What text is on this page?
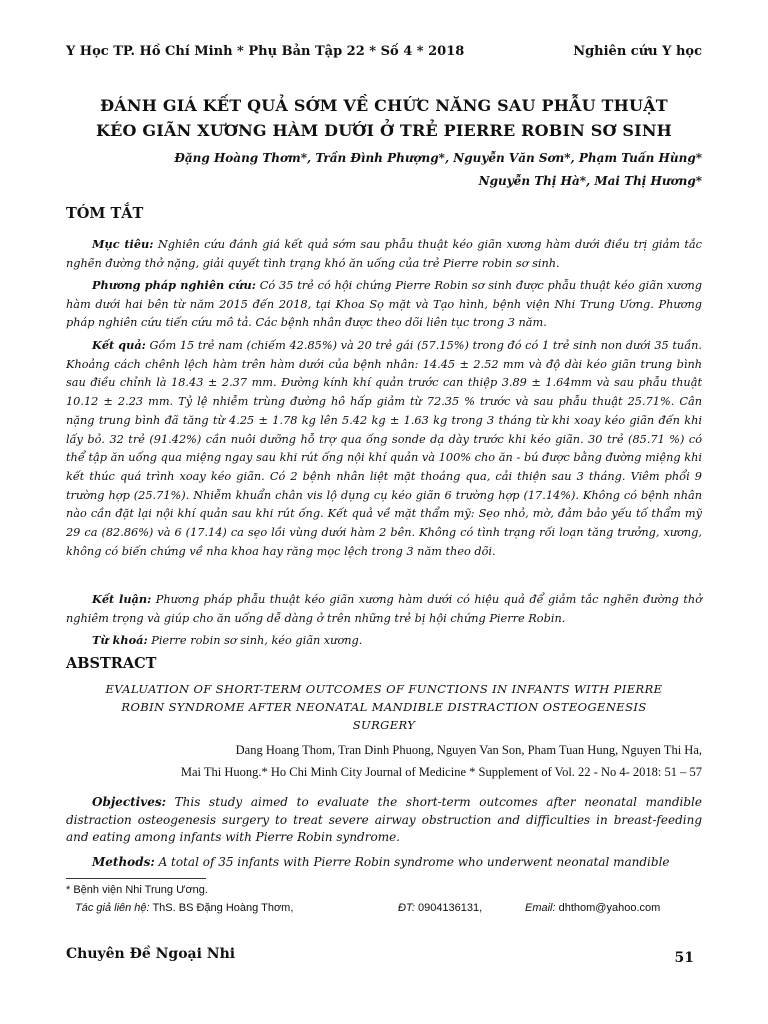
Y Học TP. Hồ Chí Minh * Phụ Bản Tập 22 * Số 4 * 2018	Nghiên cứu Y học
ĐÁNH GIÁ KẾT QUẢ SỚM VỀ CHỨC NĂNG SAU PHẪU THUẬT
KÉO GIÃN XƯƠNG HÀM DƯỚI Ở TRẺ PIERRE ROBIN SƠ SINH
Đặng Hoàng Thơm*, Trần Đình Phượng*, Nguyễn Văn Sơn*, Phạm Tuấn Hùng*
Nguyễn Thị Hà*, Mai Thị Hương*
TÓM TẮT
Mục tiêu: Nghiên cứu đánh giá kết quả sớm sau phẫu thuật kéo giãn xương hàm dưới điều trị giảm tắc nghẽn đường thở nặng, giải quyết tình trạng khó ăn uống của trẻ Pierre robin sơ sinh.
Phương pháp nghiên cứu: Có 35 trẻ có hội chứng Pierre Robin sơ sinh được phẫu thuật kéo giãn xương hàm dưới hai bên từ năm 2015 đến 2018, tại Khoa Sọ mặt và Tạo hình, bệnh viện Nhi Trung Ương. Phương pháp nghiên cứu tiến cứu mô tả. Các bệnh nhân được theo dõi liên tục trong 3 năm.
Kết quả: Gồm 15 trẻ nam (chiếm 42.85%) và 20 trẻ gái (57.15%) trong đó có 1 trẻ sinh non dưới 35 tuần. Khoảng cách chênh lệch hàm trên hàm dưới của bệnh nhân: 14.45 ± 2.52 mm và độ dài kéo giãn trung bình sau điều chỉnh là 18.43 ± 2.37 mm. Đường kính khí quản trước can thiệp 3.89 ± 1.64mm và sau phẫu thuật 10.12 ± 2.23 mm. Tỷ lệ nhiễm trùng đường hô hấp giảm từ 72.35 % trước và sau phẫu thuật 25.71%. Cân nặng trung bình đã tăng từ 4.25 ± 1.78 kg lên 5.42 kg ± 1.63 kg trong 3 tháng từ khi xoay kéo giãn đến khi lấy bỏ. 32 trẻ (91.42%) cần nuôi dưỡng hỗ trợ qua ống sonde dạ dày trước khi kéo giãn. 30 trẻ (85.71 %) có thể tập ăn uống qua miệng ngay sau khi rút ống nội khí quản và 100% cho ăn - bú được bằng đường miệng khi kết thúc quá trình xoay kéo giãn. Có 2 bệnh nhân liệt mặt thoáng qua, cải thiện sau 3 tháng. Viêm phổi 9 trường hợp (25.71%). Nhiễm khuẩn chân vis lộ dụng cụ kéo giãn 6 trường hợp (17.14%). Không có bệnh nhân nào cần đặt lại nội khí quản sau khi rút ống. Kết quả về mặt thẩm mỹ: Sẹo nhỏ, mờ, đảm bảo yếu tố thẩm mỹ 29 ca (82.86%) và 6 (17.14) ca sẹo lồi vùng dưới hàm 2 bên. Không có tình trạng rối loạn tăng trưởng, xương, không có biến chứng về nha khoa hay răng mọc lệch trong 3 năm theo dõi.
Kết luận: Phương pháp phẫu thuật kéo giãn xương hàm dưới có hiệu quả để giảm tắc nghẽn đường thở nghiêm trọng và giúp cho ăn uống dễ dàng ở trên những trẻ bị hội chứng Pierre Robin.
Từ khoá: Pierre robin sơ sinh, kéo giãn xương.
ABSTRACT
EVALUATION OF SHORT-TERM OUTCOMES OF FUNCTIONS IN INFANTS WITH PIERRE
ROBIN SYNDROME AFTER NEONATAL MANDIBLE DISTRACTION OSTEOGENESIS
SURGERY
Dang Hoang Thom, Tran Dinh Phuong, Nguyen Van Son, Pham Tuan Hung, Nguyen Thi Ha,
Mai Thi Huong.* Ho Chi Minh City Journal of Medicine * Supplement of Vol. 22 - No 4- 2018: 51 – 57
Objectives: This study aimed to evaluate the short-term outcomes after neonatal mandible distraction osteogenesis surgery to treat severe airway obstruction and difficulties in breast-feeding and eating among infants with Pierre Robin syndrome.
Methods: A total of 35 infants with Pierre Robin syndrome who underwent neonatal mandible
* Bệnh viện Nhi Trung Ương.
Tác giả liên hệ: ThS. BS Đặng Hoàng Thơm,	ĐT: 0904136131,	Email: dhthom@yahoo.com
Chuyên Đề Ngoại Nhi	51
